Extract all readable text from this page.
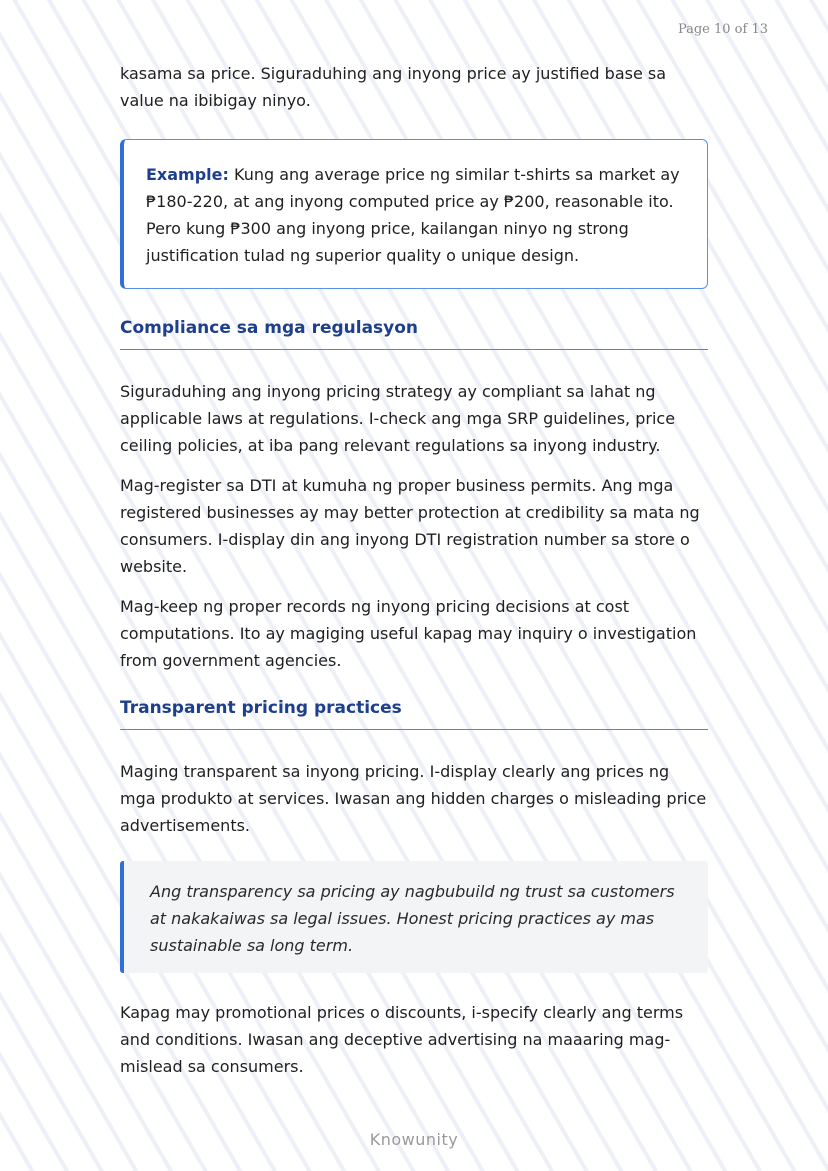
Page 10 of 13

kasama sa price. Siguraduhing ang inyong price ay justified base sa value na ibibigay ninyo.

Example: Kung ang average price ng similar t-shirts sa market ay ₱180-220, at ang inyong computed price ay ₱200, reasonable ito. Pero kung ₱300 ang inyong price, kailangan ninyo ng strong justification tulad ng superior quality o unique design.
Compliance sa mga regulasyon

Siguraduhing ang inyong pricing strategy ay compliant sa lahat ng applicable laws at regulations. I-check ang mga SRP guidelines, price ceiling policies, at iba pang relevant regulations sa inyong industry.

Mag-register sa DTI at kumuha ng proper business permits. Ang mga registered businesses ay may better protection at credibility sa mata ng consumers. I-display din ang inyong DTI registration number sa store o website.

Mag-keep ng proper records ng inyong pricing decisions at cost computations. Ito ay magiging useful kapag may inquiry o investigation from government agencies.

Transparent pricing practices

Maging transparent sa inyong pricing. I-display clearly ang prices ng mga produkto at services. Iwasan ang hidden charges o misleading price advertisements.

Ang transparency sa pricing ay nagbubuild ng trust sa customers at nakakaiwas sa legal issues. Honest pricing practices ay mas sustainable sa long term.

Kapag may promotional prices o discounts, i-specify clearly ang terms and conditions. Iwasan ang deceptive advertising na maaaring mag-mislead sa consumers.

Knowunity
